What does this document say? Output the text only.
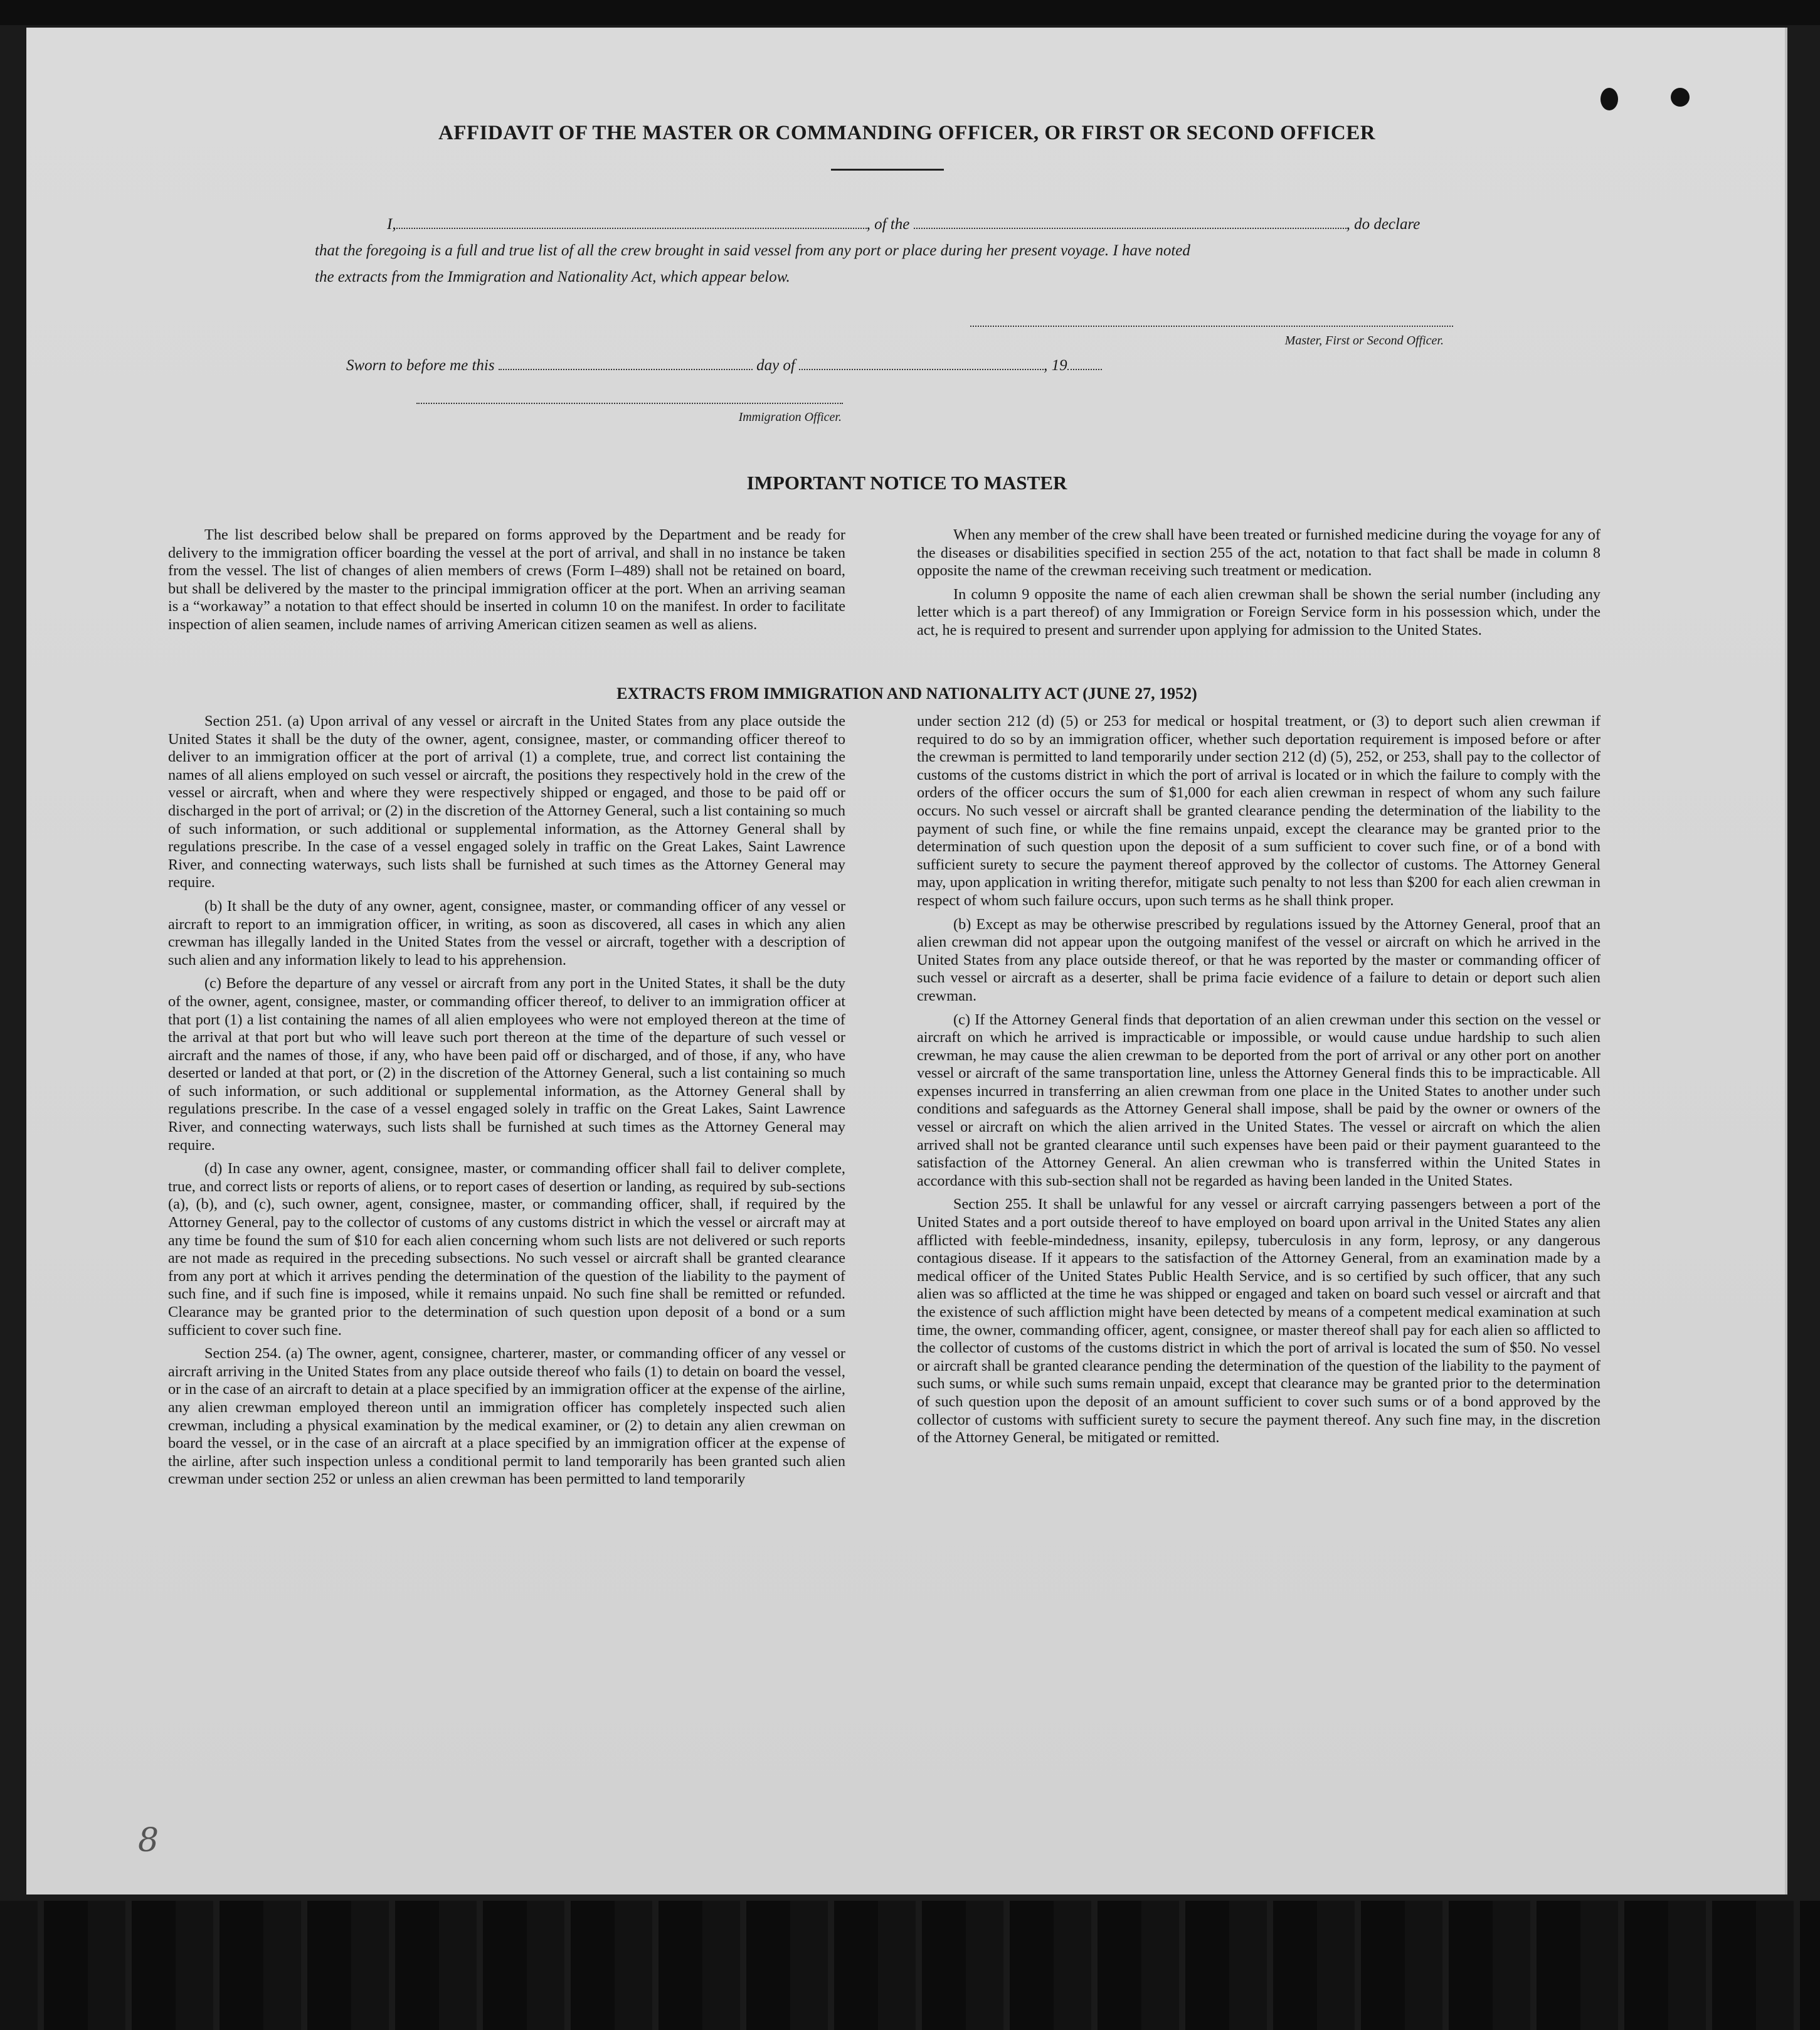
AFFIDAVIT OF THE MASTER OR COMMANDING OFFICER, OR FIRST OR SECOND OFFICER
I,	, of the	, do declare
that the foregoing is a full and true list of all the crew brought in said vessel from any port or place during her present voyage. I have noted
the extracts from the Immigration and Nationality Act, which appear below.
Master, First or Second Officer.
Sworn to before me this	day of	, 19
Immigration Officer.
IMPORTANT NOTICE TO MASTER

The list described below shall be prepared on forms approved by the Department and be ready for delivery to the immigration officer boarding the vessel at the port of arrival, and shall in no instance be taken from the vessel. The list of changes of alien members of crews (Form I–489) shall not be retained on board, but shall be delivered by the master to the principal immigration officer at the port. When an arriving seaman is a “workaway” a notation to that effect should be inserted in column 10 on the manifest. In order to facilitate inspection of alien seamen, include names of arriving American citizen seamen as well as aliens.

When any member of the crew shall have been treated or furnished medicine during the voyage for any of the diseases or disabilities specified in section 255 of the act, notation to that fact shall be made in column 8 opposite the name of the crewman receiving such treatment or medication.

In column 9 opposite the name of each alien crewman shall be shown the serial number (including any letter which is a part thereof) of any Immigration or Foreign Service form in his possession which, under the act, he is required to present and surrender upon applying for admission to the United States.

EXTRACTS FROM IMMIGRATION AND NATIONALITY ACT (JUNE 27, 1952)

Section 251. (a) Upon arrival of any vessel or aircraft in the United States from any place outside the United States it shall be the duty of the owner, agent, consignee, master, or commanding officer thereof to deliver to an immigration officer at the port of arrival (1) a complete, true, and correct list containing the names of all aliens employed on such vessel or aircraft, the positions they respectively hold in the crew of the vessel or aircraft, when and where they were respectively shipped or engaged, and those to be paid off or discharged in the port of arrival; or (2) in the discretion of the Attorney General, such a list containing so much of such information, or such additional or supplemental information, as the Attorney General shall by regulations prescribe. In the case of a vessel engaged solely in traffic on the Great Lakes, Saint Lawrence River, and connecting waterways, such lists shall be furnished at such times as the Attorney General may require.

(b) It shall be the duty of any owner, agent, consignee, master, or commanding officer of any vessel or aircraft to report to an immigration officer, in writing, as soon as discovered, all cases in which any alien crewman has illegally landed in the United States from the vessel or aircraft, together with a description of such alien and any information likely to lead to his apprehension.

(c) Before the departure of any vessel or aircraft from any port in the United States, it shall be the duty of the owner, agent, consignee, master, or commanding officer thereof, to deliver to an immigration officer at that port (1) a list containing the names of all alien employees who were not employed thereon at the time of the arrival at that port but who will leave such port thereon at the time of the departure of such vessel or aircraft and the names of those, if any, who have been paid off or discharged, and of those, if any, who have deserted or landed at that port, or (2) in the discretion of the Attorney General, such a list containing so much of such information, or such additional or supplemental information, as the Attorney General shall by regulations prescribe. In the case of a vessel engaged solely in traffic on the Great Lakes, Saint Lawrence River, and connecting waterways, such lists shall be furnished at such times as the Attorney General may require.

(d) In case any owner, agent, consignee, master, or commanding officer shall fail to deliver complete, true, and correct lists or reports of aliens, or to report cases of desertion or landing, as required by sub-sections (a), (b), and (c), such owner, agent, consignee, master, or commanding officer, shall, if required by the Attorney General, pay to the collector of customs of any customs district in which the vessel or aircraft may at any time be found the sum of $10 for each alien concerning whom such lists are not delivered or such reports are not made as required in the preceding subsections. No such vessel or aircraft shall be granted clearance from any port at which it arrives pending the determination of the question of the liability to the payment of such fine, and if such fine is imposed, while it remains unpaid. No such fine shall be remitted or refunded. Clearance may be granted prior to the determination of such question upon deposit of a bond or a sum sufficient to cover such fine.

Section 254. (a) The owner, agent, consignee, charterer, master, or commanding officer of any vessel or aircraft arriving in the United States from any place outside thereof who fails (1) to detain on board the vessel, or in the case of an aircraft to detain at a place specified by an immigration officer at the expense of the airline, any alien crewman employed thereon until an immigration officer has completely inspected such alien crewman, including a physical examination by the medical examiner, or (2) to detain any alien crewman on board the vessel, or in the case of an aircraft at a place specified by an immigration officer at the expense of the airline, after such inspection unless a conditional permit to land temporarily has been granted such alien crewman under section 252 or unless an alien crewman has been permitted to land temporarily

under section 212 (d) (5) or 253 for medical or hospital treatment, or (3) to deport such alien crewman if required to do so by an immigration officer, whether such deportation requirement is imposed before or after the crewman is permitted to land temporarily under section 212 (d) (5), 252, or 253, shall pay to the collector of customs of the customs district in which the port of arrival is located or in which the failure to comply with the orders of the officer occurs the sum of $1,000 for each alien crewman in respect of whom any such failure occurs. No such vessel or aircraft shall be granted clearance pending the determination of the liability to the payment of such fine, or while the fine remains unpaid, except the clearance may be granted prior to the determination of such question upon the deposit of a sum sufficient to cover such fine, or of a bond with sufficient surety to secure the payment thereof approved by the collector of customs. The Attorney General may, upon application in writing therefor, mitigate such penalty to not less than $200 for each alien crewman in respect of whom such failure occurs, upon such terms as he shall think proper.

(b) Except as may be otherwise prescribed by regulations issued by the Attorney General, proof that an alien crewman did not appear upon the outgoing manifest of the vessel or aircraft on which he arrived in the United States from any place outside thereof, or that he was reported by the master or commanding officer of such vessel or aircraft as a deserter, shall be prima facie evidence of a failure to detain or deport such alien crewman.

(c) If the Attorney General finds that deportation of an alien crewman under this section on the vessel or aircraft on which he arrived is impracticable or impossible, or would cause undue hardship to such alien crewman, he may cause the alien crewman to be deported from the port of arrival or any other port on another vessel or aircraft of the same transportation line, unless the Attorney General finds this to be impracticable. All expenses incurred in transferring an alien crewman from one place in the United States to another under such conditions and safeguards as the Attorney General shall impose, shall be paid by the owner or owners of the vessel or aircraft on which the alien arrived in the United States. The vessel or aircraft on which the alien arrived shall not be granted clearance until such expenses have been paid or their payment guaranteed to the satisfaction of the Attorney General. An alien crewman who is transferred within the United States in accordance with this sub-section shall not be regarded as having been landed in the United States.

Section 255. It shall be unlawful for any vessel or aircraft carrying passengers between a port of the United States and a port outside thereof to have employed on board upon arrival in the United States any alien afflicted with feeble-mindedness, insanity, epilepsy, tuberculosis in any form, leprosy, or any dangerous contagious disease. If it appears to the satisfaction of the Attorney General, from an examination made by a medical officer of the United States Public Health Service, and is so certified by such officer, that any such alien was so afflicted at the time he was shipped or engaged and taken on board such vessel or aircraft and that the existence of such affliction might have been detected by means of a competent medical examination at such time, the owner, commanding officer, agent, consignee, or master thereof shall pay for each alien so afflicted to the collector of customs of the customs district in which the port of arrival is located the sum of $50. No vessel or aircraft shall be granted clearance pending the determination of the question of the liability to the payment of such sums, or while such sums remain unpaid, except that clearance may be granted prior to the determination of such question upon the deposit of an amount sufficient to cover such sums or of a bond approved by the collector of customs with sufficient surety to secure the payment thereof. Any such fine may, in the discretion of the Attorney General, be mitigated or remitted.

8
